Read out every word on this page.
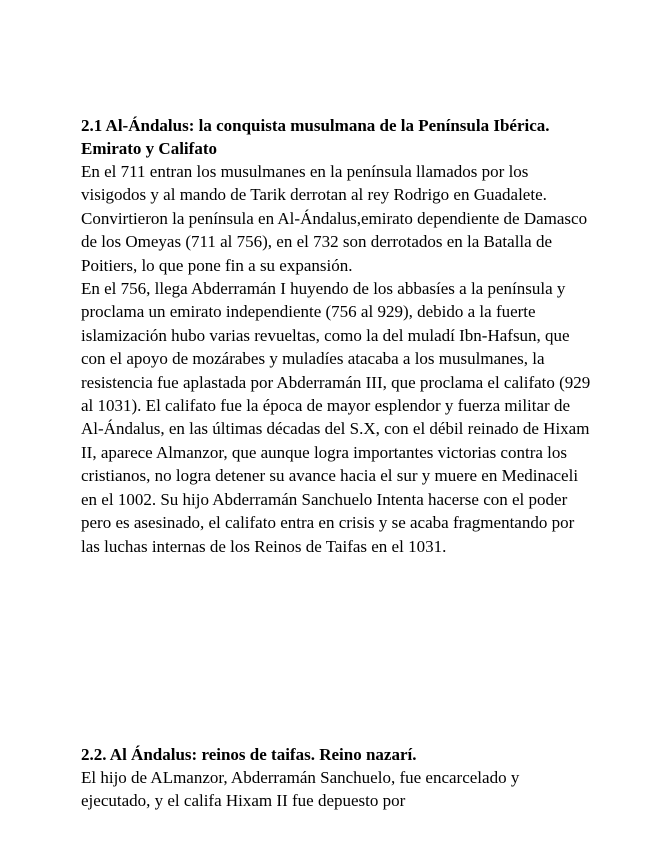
2.1 Al-Ándalus: la conquista musulmana de la Península Ibérica. Emirato y Califato

En el 711 entran los musulmanes en la península llamados por los visigodos y al mando de Tarik derrotan al rey Rodrigo en Guadalete. Convirtieron la península en Al-Ándalus,emirato dependiente de Damasco de los Omeyas (711 al 756), en el 732 son derrotados en la Batalla de Poitiers, lo que pone fin a su expansión.

En el 756, llega Abderramán I huyendo de los abbasíes a la península y proclama un emirato independiente (756 al 929), debido a la fuerte islamización hubo varias revueltas, como la del muladí Ibn-Hafsun, que con el apoyo de mozárabes y muladíes atacaba a los musulmanes, la resistencia fue aplastada por Abderramán III, que proclama el califato (929 al 1031). El califato fue la época de mayor esplendor y fuerza militar de Al-Ándalus, en las últimas décadas del S.X, con el débil reinado de Hixam II, aparece Almanzor, que aunque logra importantes victorias contra los cristianos, no logra detener su avance hacia el sur y muere en Medinaceli en el 1002. Su hijo Abderramán Sanchuelo Intenta hacerse con el poder pero es asesinado, el califato entra en crisis y se acaba fragmentando por las luchas internas de los Reinos de Taifas en el 1031.

2.2. Al Ándalus: reinos de taifas. Reino nazarí.

El hijo de ALmanzor, Abderramán Sanchuelo, fue encarcelado y ejecutado, y el califa Hixam II fue depuesto por
